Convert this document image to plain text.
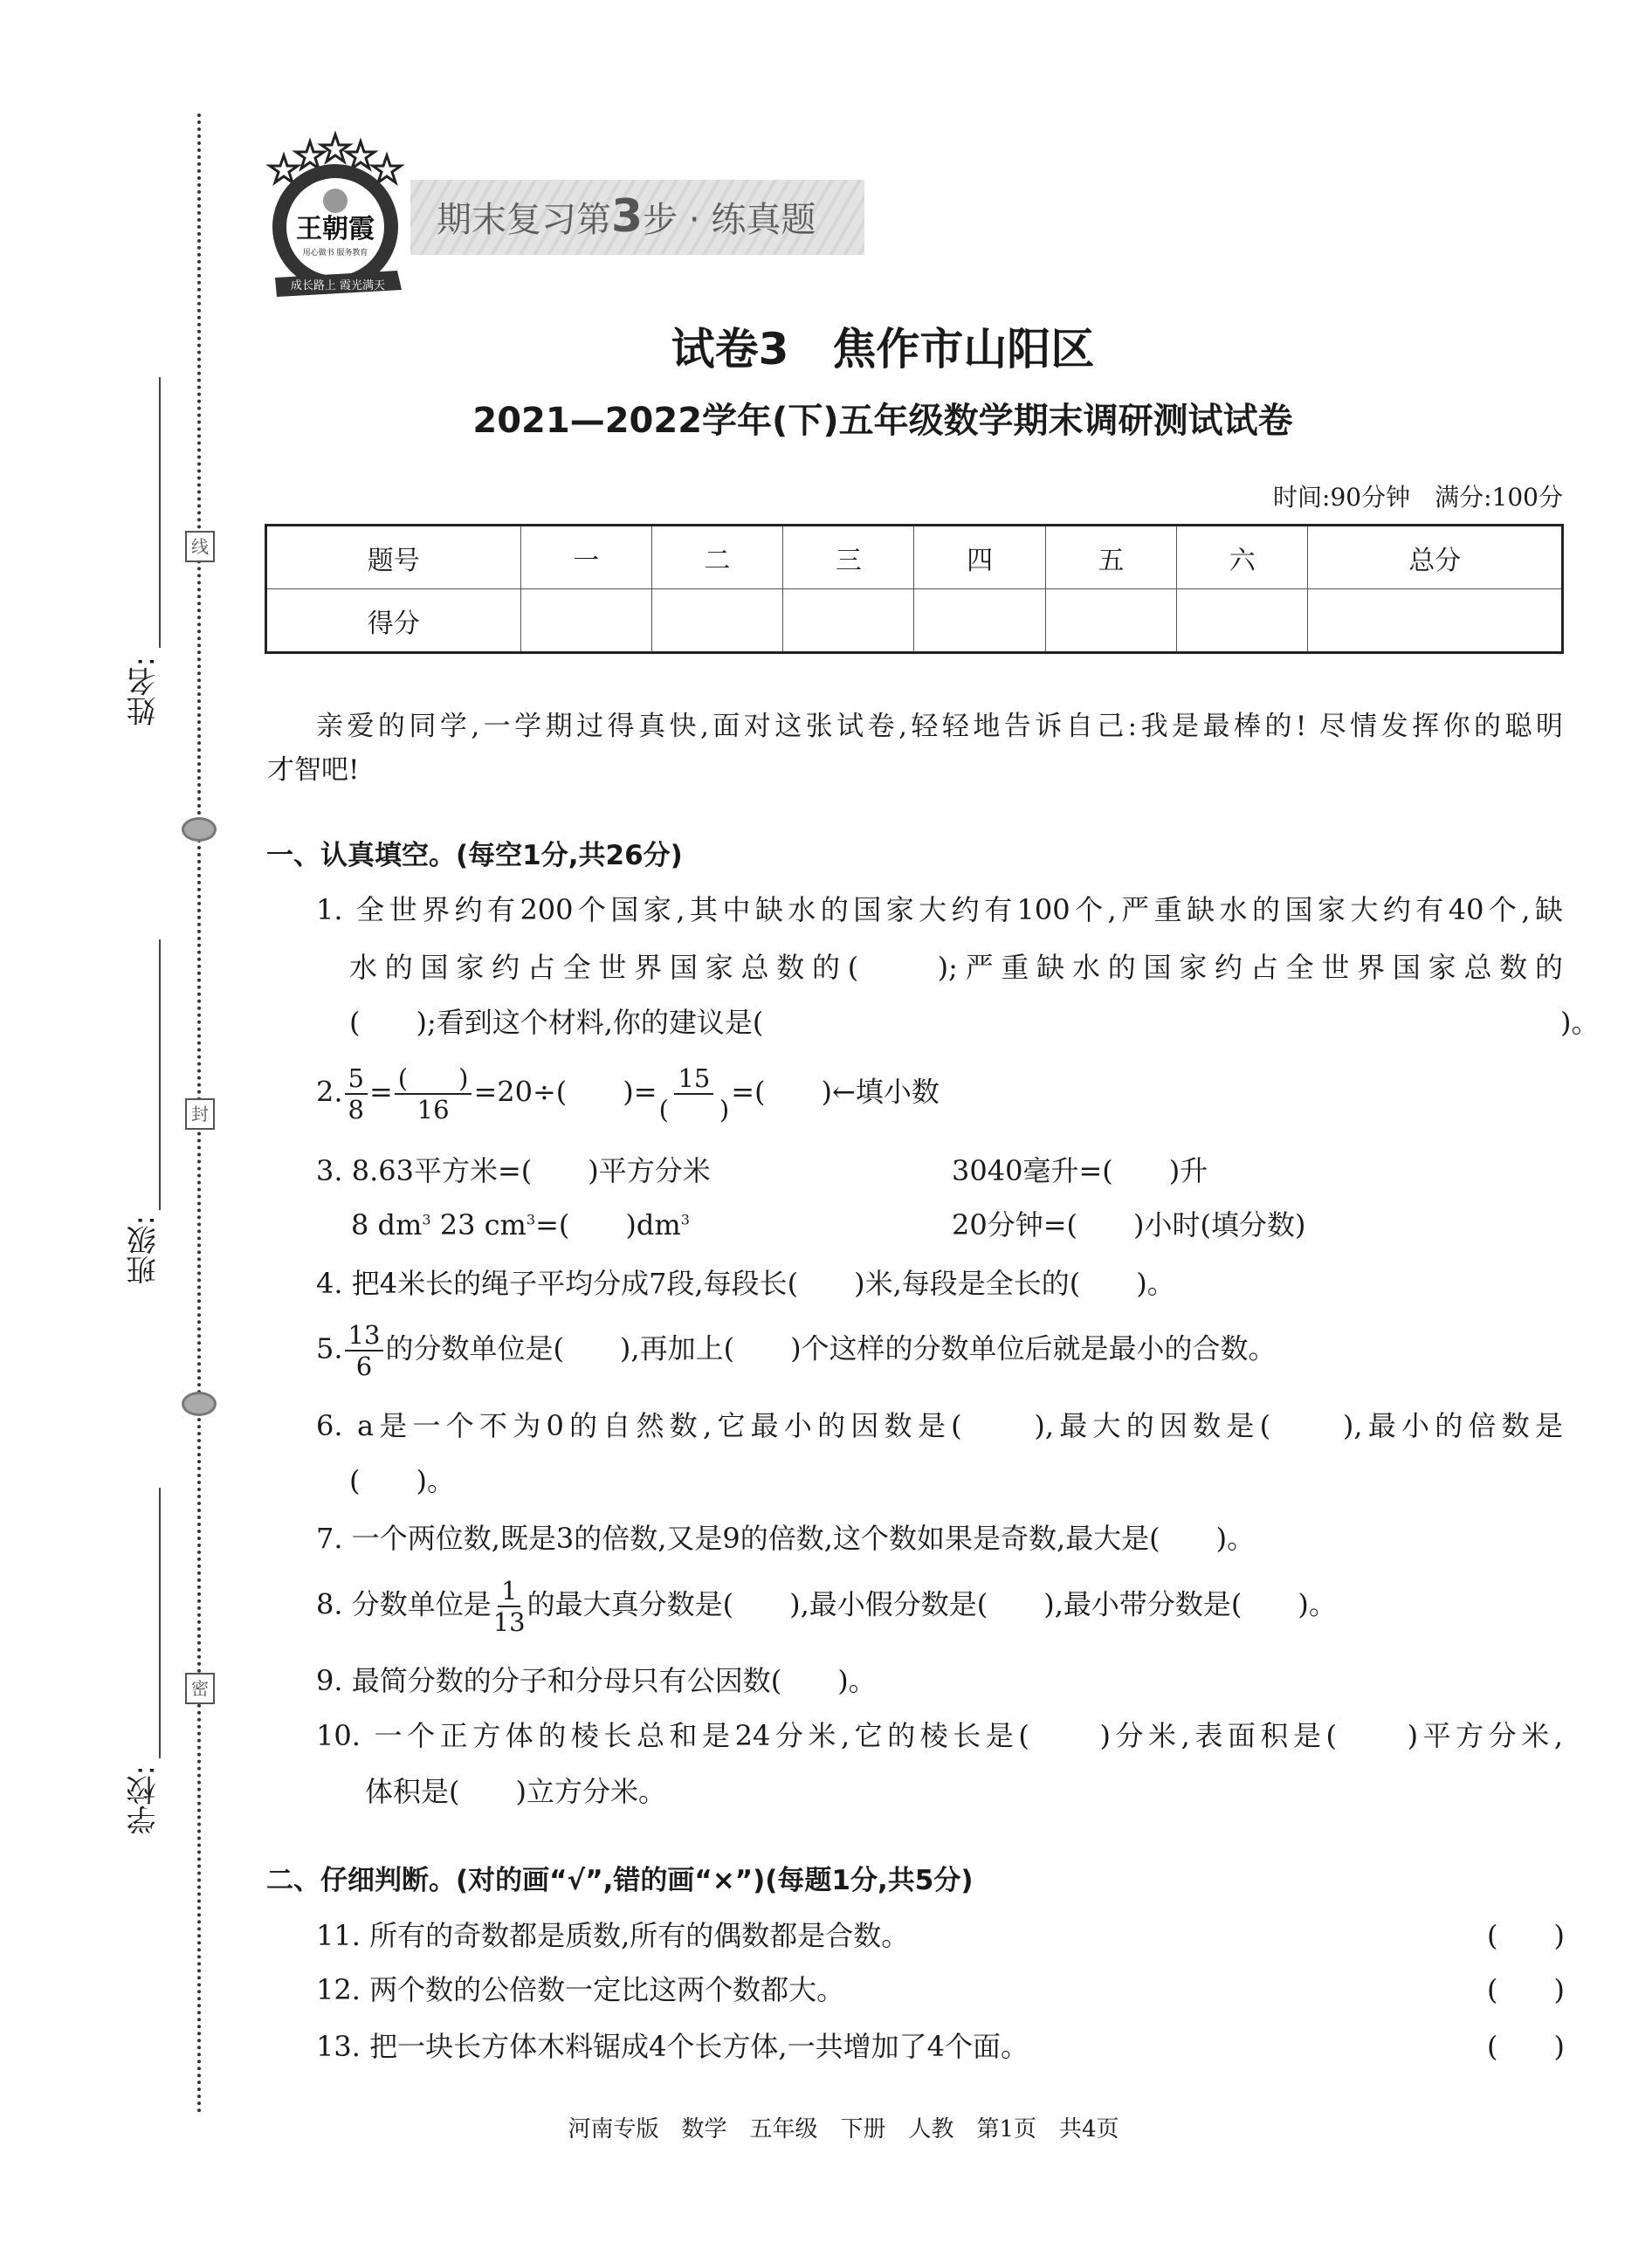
姓名:
班级:
学校:
线
封
密
王朝霞
用心做书 服务教育
成长路上 霞光满天
期末复习第3步 · 练真题
试卷3　焦作市山阳区
2021—2022学年(下)五年级数学期末调研测试试卷
时间:90分钟　满分:100分
题号	一	二	三	四	五	六	总分
得分							
亲爱的同学,一学期过得真快,面对这张试卷,轻轻地告诉自己:我是最棒的! 尽情发挥你的聪明
才智吧!
一、认真填空。(每空1分,共26分)
1. 全世界约有200个国家,其中缺水的国家大约有100个,严重缺水的国家大约有40个,缺
水的国家约占全世界国家总数的(　　);严重缺水的国家约占全世界国家总数的
(　　);看到这个材料,你的建议是(	　)。
2. $\frac{5}{8} = \frac{( )}{16} =20\div$(　　)= $\frac{15}{( )}$ =(　　)←填小数
3. 8.63平方米=(　　)平方分米	3040毫升=(　　)升
8 $dm^3$ 23 $cm^3=$(　　)$dm^3$	20分钟=(　　)小时(填分数)
4. 把4米长的绳子平均分成7段,每段长(　　)米,每段是全长的(　　)。
5. $\frac{13}{6}$ 的分数单位是(　　),再加上(　　)个这样的分数单位后就是最小的合数。
6. a是一个不为0的自然数,它最小的因数是(　　),最大的因数是(　　),最小的倍数是
(　　)。
7. 一个两位数,既是3的倍数,又是9的倍数,这个数如果是奇数,最大是(　　)。
8. 分数单位是 $\frac{1}{13}$ 的最大真分数是(　　),最小假分数是(　　),最小带分数是(　　)。
9. 最简分数的分子和分母只有公因数(　　)。
10. 一个正方体的棱长总和是24分米,它的棱长是(　　)分米,表面积是(　　)平方分米,
体积是(　　)立方分米。
二、仔细判断。(对的画“√”,错的画“×”)(每题1分,共5分)
11. 所有的奇数都是质数,所有的偶数都是合数。	(　　)
12. 两个数的公倍数一定比这两个数都大。	(　　)
13. 把一块长方体木料锯成4个长方体,一共增加了4个面。	(　　)
河南专版　数学　五年级　下册　人教　第1页　共4页
